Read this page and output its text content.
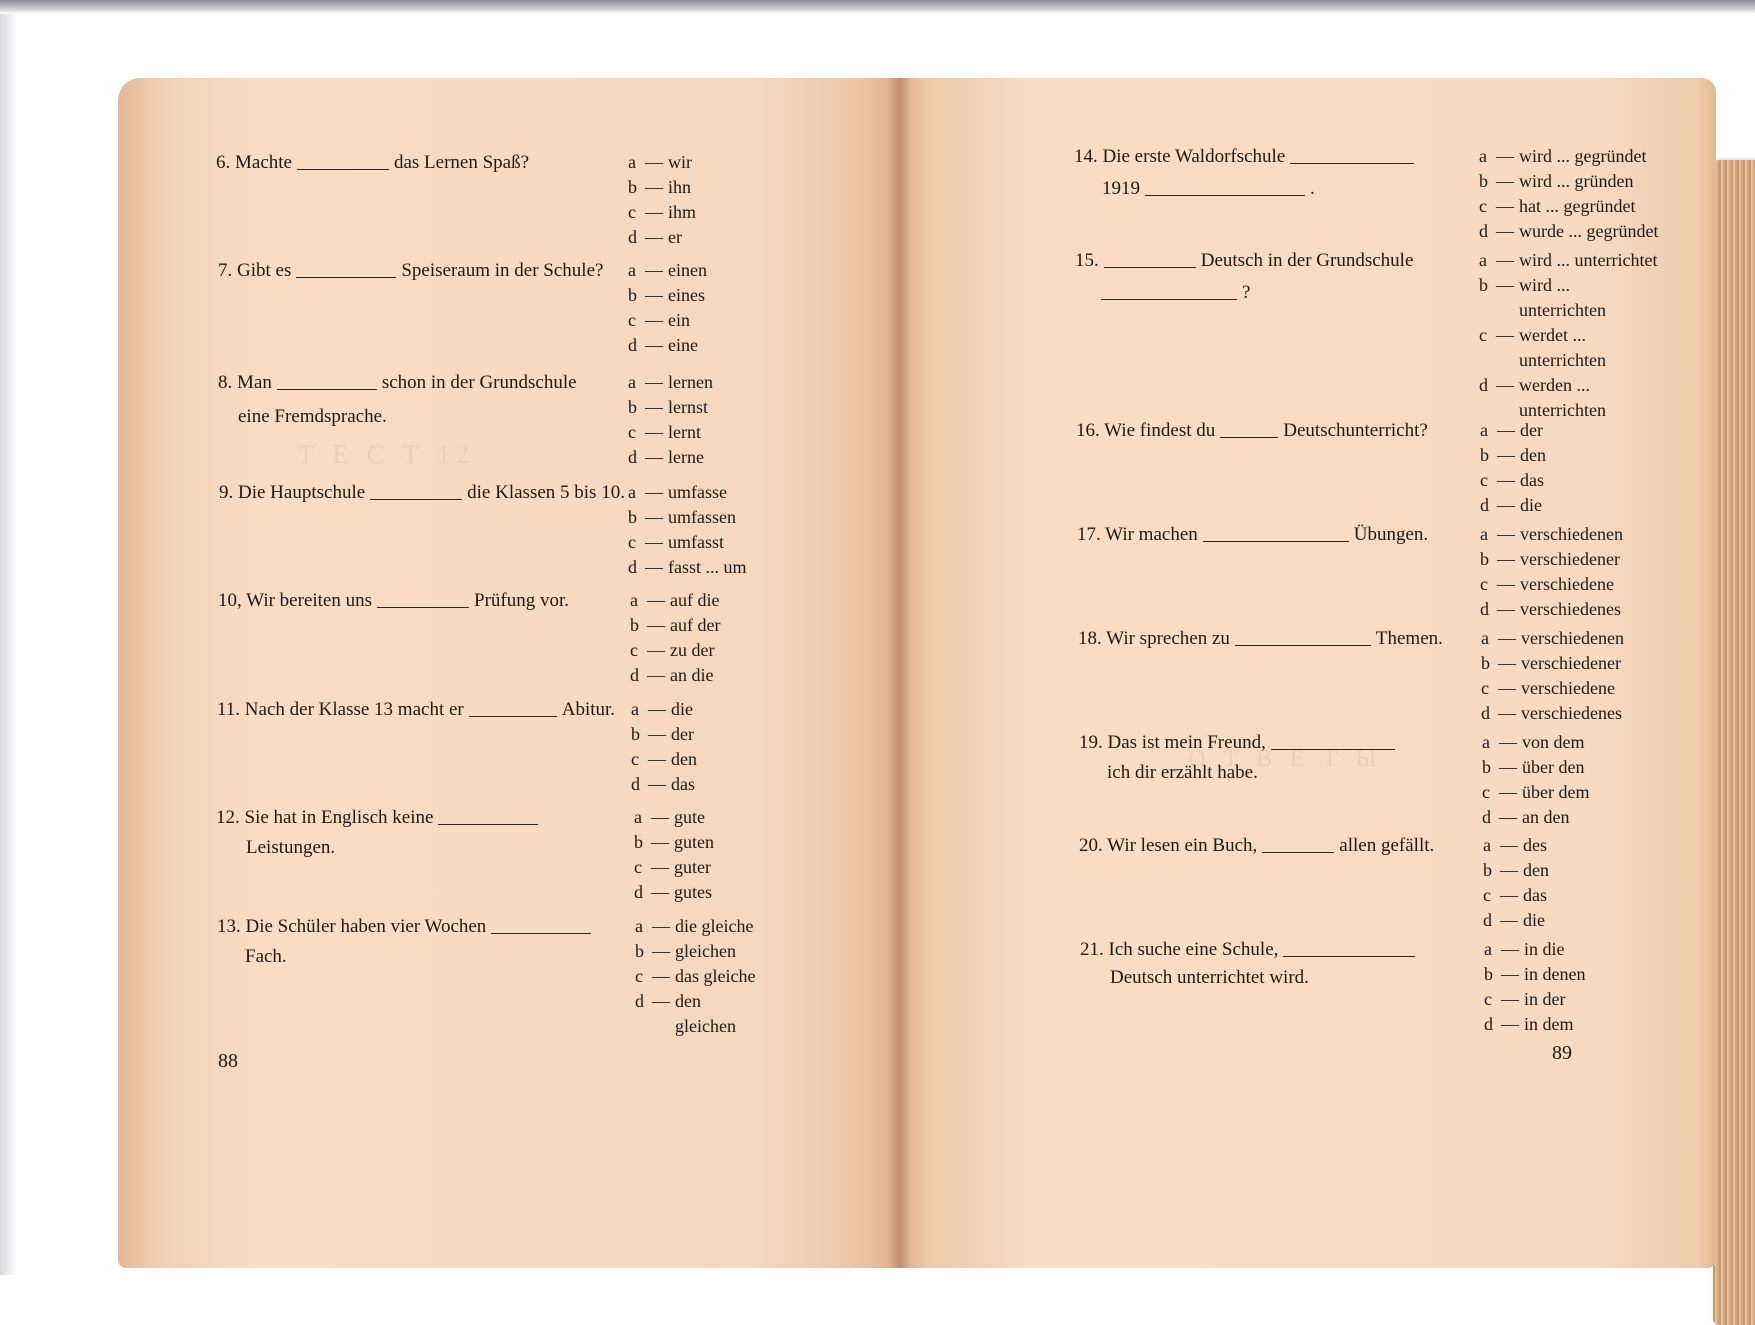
Т Е С Т 12
6. Machte	das Lernen Spaß?	a — wir
b — ihn
c — ihm
d — er
7. Gibt es	Speiseraum in der Schule? a — einen
b — eines
c — ein
d — eine
8. Man	schon in der Grundschule
eine Fremdsprache.
a — lernen
b — lernst
c — lernt
d — lerne
9. Die Hauptschule	die Klassen 5 bis 10. a — umfasse
b — umfassen
c — umfasst
d — fasst ... um
10, Wir bereiten uns	Prüfung vor.	a — auf die
b — auf der
c — zu der
d — an die
11. Nach der Klasse 13 macht er	Abitur. a — die
b — der
c — den
d — das
12. Sie hat in Englisch keine
Leistungen.
a — gute
b — guten
c — guter
d — gutes
13. Die Schüler haben vier Wochen
Fach.
a — die gleiche
b — gleichen
c — das gleiche
d — den
gleichen
88
О Т В Е Т Ы
14. Die erste Waldorfschule
1919	.
a — wird ... gegründet
b — wird ... gründen
c — hat ... gegründet
d — wurde ... gegründet
15.	Deutsch in der Grundschule
?
a — wird ... unterrichtet
b — wird ...
unterrichten
c — werdet ...
unterrichten
d — werden ...
unterrichten
16. Wie findest du	Deutschunterricht?	a — der
b — den
c — das
d — die
17. Wir machen	Übungen.	a — verschiedenen
b — verschiedener
c — verschiedene
d — verschiedenes
18. Wir sprechen zu	Themen. a — verschiedenen
b — verschiedener
c — verschiedene
d — verschiedenes
19. Das ist mein Freund,
ich dir erzählt habe.
a — von dem
b — über den
c — über dem
d — an den
20. Wir lesen ein Buch,	allen gefällt.	a — des
b — den
c — das
d — die
21. Ich suche eine Schule,
Deutsch unterrichtet wird.
a — in die
b — in denen
c — in der
d — in dem
89
